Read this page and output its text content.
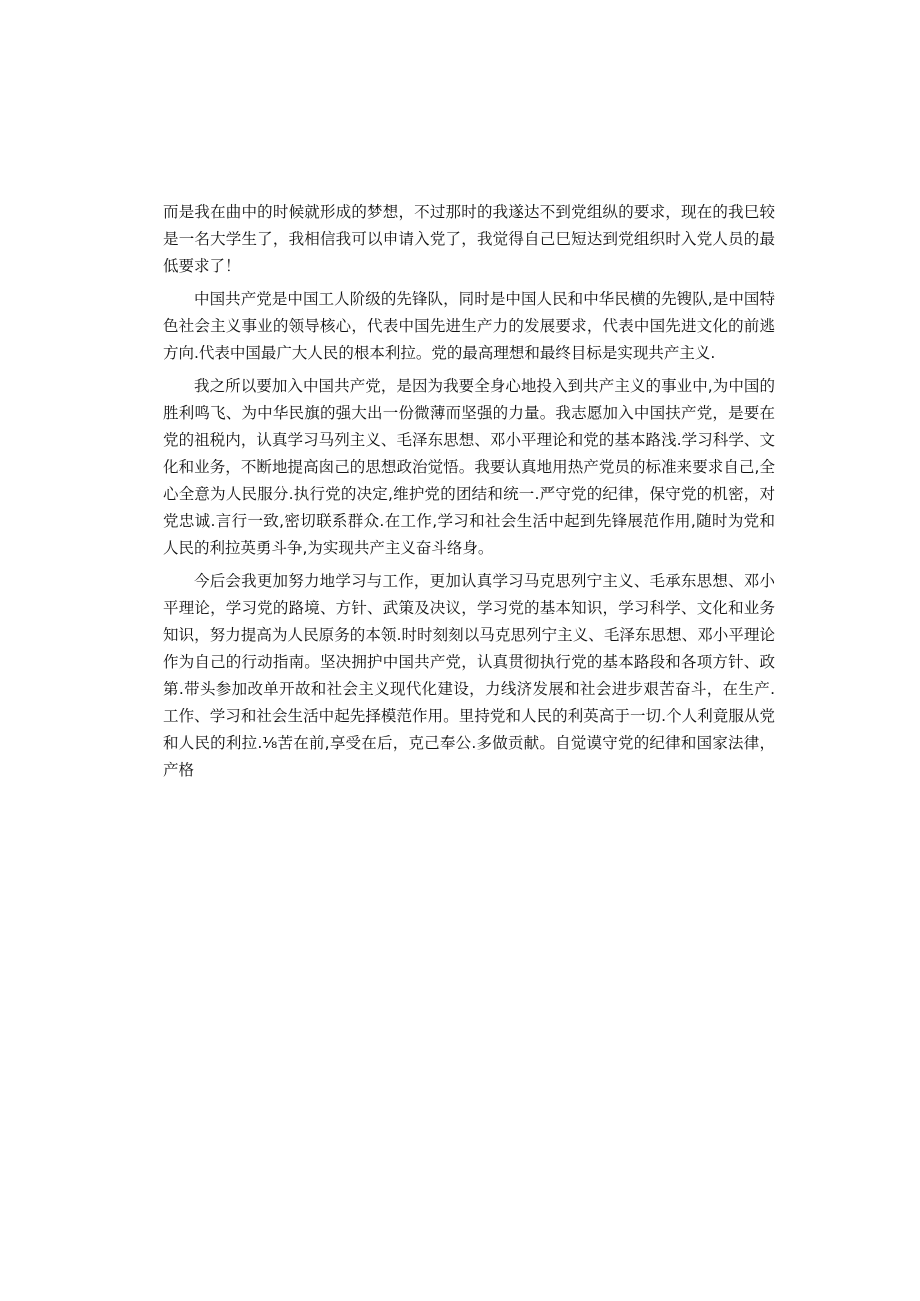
而是我在曲中的时候就形成的梦想，不过那时的我遂达不到党组纵的要求，现在的我巳较是一名大学生了，我相信我可以申请入党了，我觉得自己巳短达到党组织时入党人员的最低要求了！

中国共产党是中国工人阶级的先锋队，同时是中国人民和中华民横的先锼队,是中国特色社会主义事业的领导核心，代表中国先进生产力的发展要求，代表中国先进文化的前逃方向.代表中国最广大人民的根本利拉。党的最高理想和最终目标是实现共产主义.

我之所以要加入中国共产党，是因为我要全身心地投入到共产主义的事业中,为中国的胜利鸣飞、为中华民旗的强大出一份微薄而坚强的力量。我志愿加入中国扶产党，是要在党的祖税内，认真学习马列主义、毛泽东思想、邓小平理论和党的基本路浅.学习科学、文化和业务，不断地提高囱己的思想政治觉悟。我要认真地用热产党员的标准来要求自己,全心全意为人民服分.执行党的决定,维护党的团结和统一.严守党的纪律，保守党的机密，对党忠诚.言行一致,密切联系群众.在工作,学习和社会生活中起到先锋展范作用,随时为党和人民的利拉英勇斗争,为实现共产主义奋斗络身。

今后会我更加努力地学习与工作，更加认真学习马克思列宁主义、毛承东思想、邓小平理论，学习党的路境、方针、武策及决议，学习党的基本知识，学习科学、文化和业务知识，努力提高为人民原务的本领.时时刻刻以马克思列宁主义、毛泽东思想、邓小平理论作为自己的行动指南。坚决拥护中国共产党，认真贯彻执行党的基本路段和各项方针、政第.带头参加改单开故和社会主义现代化建设，力线济发展和社会进步艰苦奋斗，在生产.工作、学习和社会生活中起先择模范作用。里持党和人民的利英高于一切.个人利竟服从党和人民的利拉.⅛苦在前,享受在后，克己奉公.多做贡献。自觉谟守党的纪律和国家法律，产格
